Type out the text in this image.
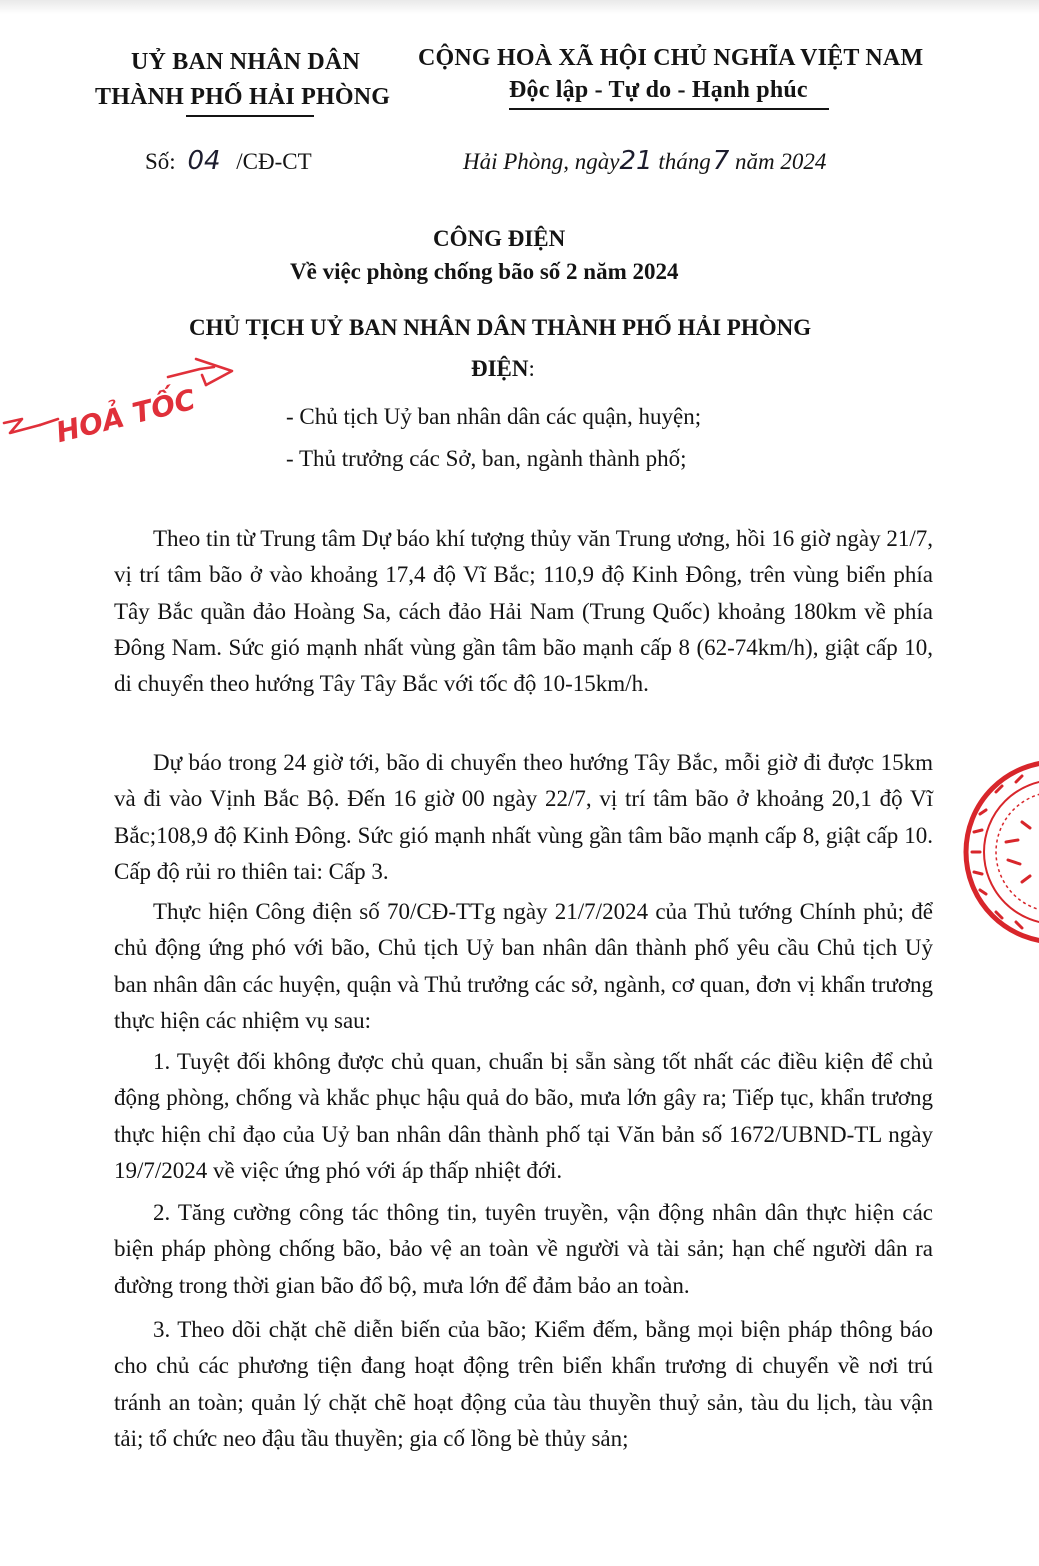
UỶ BAN NHÂN DÂN
THÀNH PHỐ HẢI PHÒNG
CỘNG HOÀ XÃ HỘI CHỦ NGHĨA VIỆT NAM
Độc lập - Tự do - Hạnh phúc
Số: 04 /CĐ-CT	Hải Phòng, ngày21 tháng7 năm 2024
CÔNG ĐIỆN
Về việc phòng chống bão số 2 năm 2024
CHỦ TỊCH UỶ BAN NHÂN DÂN THÀNH PHỐ HẢI PHÒNG
ĐIỆN:
- Chủ tịch Uỷ ban nhân dân các quận, huyện;
- Thủ trưởng các Sở, ban, ngành thành phố;
HOẢ TỐC

Theo tin từ Trung tâm Dự báo khí tượng thủy văn Trung ương, hồi 16 giờ ngày 21/7, vị trí tâm bão ở vào khoảng 17,4 độ Vĩ Bắc; 110,9 độ Kinh Đông, trên vùng biển phía Tây Bắc quần đảo Hoàng Sa, cách đảo Hải Nam (Trung Quốc) khoảng 180km về phía Đông Nam. Sức gió mạnh nhất vùng gần tâm bão mạnh cấp 8 (62-74km/h), giật cấp 10, di chuyển theo hướng Tây Tây Bắc với tốc độ 10-15km/h.

Dự báo trong 24 giờ tới, bão di chuyển theo hướng Tây Bắc, mỗi giờ đi được 15km và đi vào Vịnh Bắc Bộ. Đến 16 giờ 00 ngày 22/7, vị trí tâm bão ở khoảng 20,1 độ Vĩ Bắc;108,9 độ Kinh Đông. Sức gió mạnh nhất vùng gần tâm bão mạnh cấp 8, giật cấp 10. Cấp độ rủi ro thiên tai: Cấp 3.

Thực hiện Công điện số 70/CĐ-TTg ngày 21/7/2024 của Thủ tướng Chính phủ; để chủ động ứng phó với bão, Chủ tịch Uỷ ban nhân dân thành phố yêu cầu Chủ tịch Uỷ ban nhân dân các huyện, quận và Thủ trưởng các sở, ngành, cơ quan, đơn vị khẩn trương thực hiện các nhiệm vụ sau:

1. Tuyệt đối không được chủ quan, chuẩn bị sẵn sàng tốt nhất các điều kiện để chủ động phòng, chống và khắc phục hậu quả do bão, mưa lớn gây ra; Tiếp tục, khẩn trương thực hiện chỉ đạo của Uỷ ban nhân dân thành phố tại Văn bản số 1672/UBND-TL ngày 19/7/2024 về việc ứng phó với áp thấp nhiệt đới.

2. Tăng cường công tác thông tin, tuyên truyền, vận động nhân dân thực hiện các biện pháp phòng chống bão, bảo vệ an toàn về người và tài sản; hạn chế người dân ra đường trong thời gian bão đổ bộ, mưa lớn để đảm bảo an toàn.

3. Theo dõi chặt chẽ diễn biến của bão; Kiểm đếm, bằng mọi biện pháp thông báo cho chủ các phương tiện đang hoạt động trên biển khẩn trương di chuyển về nơi trú tránh an toàn; quản lý chặt chẽ hoạt động của tàu thuyền thuỷ sản, tàu du lịch, tàu vận tải; tổ chức neo đậu tầu thuyền; gia cố lồng bè thủy sản;
